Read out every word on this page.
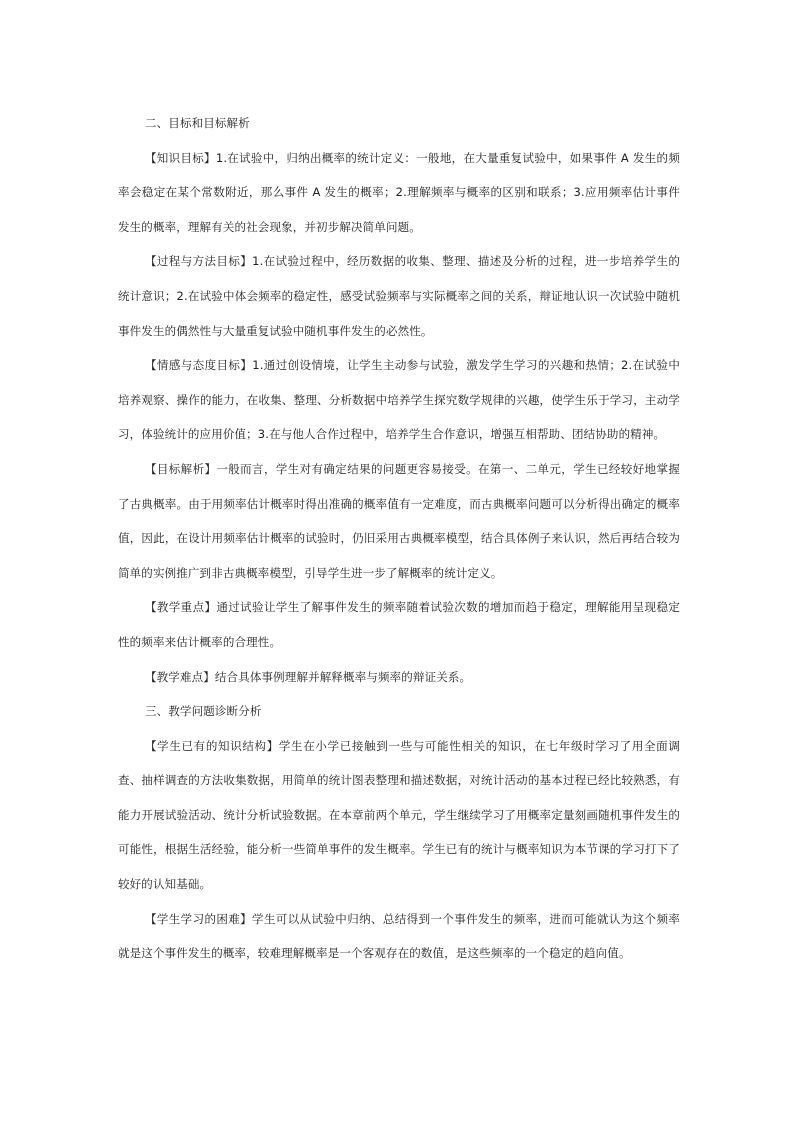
二、目标和目标解析

【知识目标】1.在试验中，归纳出概率的统计定义：一般地，在大量重复试验中，如果事件 A 发生的频率会稳定在某个常数附近，那么事件 A 发生的概率；2.理解频率与概率的区别和联系；3.应用频率估计事件发生的概率，理解有关的社会现象，并初步解决简单问题。

【过程与方法目标】1.在试验过程中，经历数据的收集、整理、描述及分析的过程，进一步培养学生的统计意识；2.在试验中体会频率的稳定性，感受试验频率与实际概率之间的关系，辩证地认识一次试验中随机事件发生的偶然性与大量重复试验中随机事件发生的必然性。

【情感与态度目标】1.通过创设情境，让学生主动参与试验，激发学生学习的兴趣和热情；2.在试验中培养观察、操作的能力，在收集、整理、分析数据中培养学生探究数学规律的兴趣，使学生乐于学习，主动学习，体验统计的应用价值；3.在与他人合作过程中，培养学生合作意识，增强互相帮助、团结协助的精神。

【目标解析】一般而言，学生对有确定结果的问题更容易接受。在第一、二单元，学生已经较好地掌握了古典概率。由于用频率估计概率时得出准确的概率值有一定难度，而古典概率问题可以分析得出确定的概率值，因此，在设计用频率估计概率的试验时，仍旧采用古典概率模型，结合具体例子来认识，然后再结合较为简单的实例推广到非古典概率模型，引导学生进一步了解概率的统计定义。

【教学重点】通过试验让学生了解事件发生的频率随着试验次数的增加而趋于稳定，理解能用呈现稳定性的频率来估计概率的合理性。

【教学难点】结合具体事例理解并解释概率与频率的辩证关系。

三、教学问题诊断分析

【学生已有的知识结构】学生在小学已接触到一些与可能性相关的知识，在七年级时学习了用全面调查、抽样调查的方法收集数据，用简单的统计图表整理和描述数据，对统计活动的基本过程已经比较熟悉，有能力开展试验活动、统计分析试验数据。在本章前两个单元，学生继续学习了用概率定量刻画随机事件发生的可能性，根据生活经验，能分析一些简单事件的发生概率。学生已有的统计与概率知识为本节课的学习打下了较好的认知基础。

【学生学习的困难】学生可以从试验中归纳、总结得到一个事件发生的频率，进而可能就认为这个频率就是这个事件发生的概率，较难理解概率是一个客观存在的数值，是这些频率的一个稳定的趋向值。
